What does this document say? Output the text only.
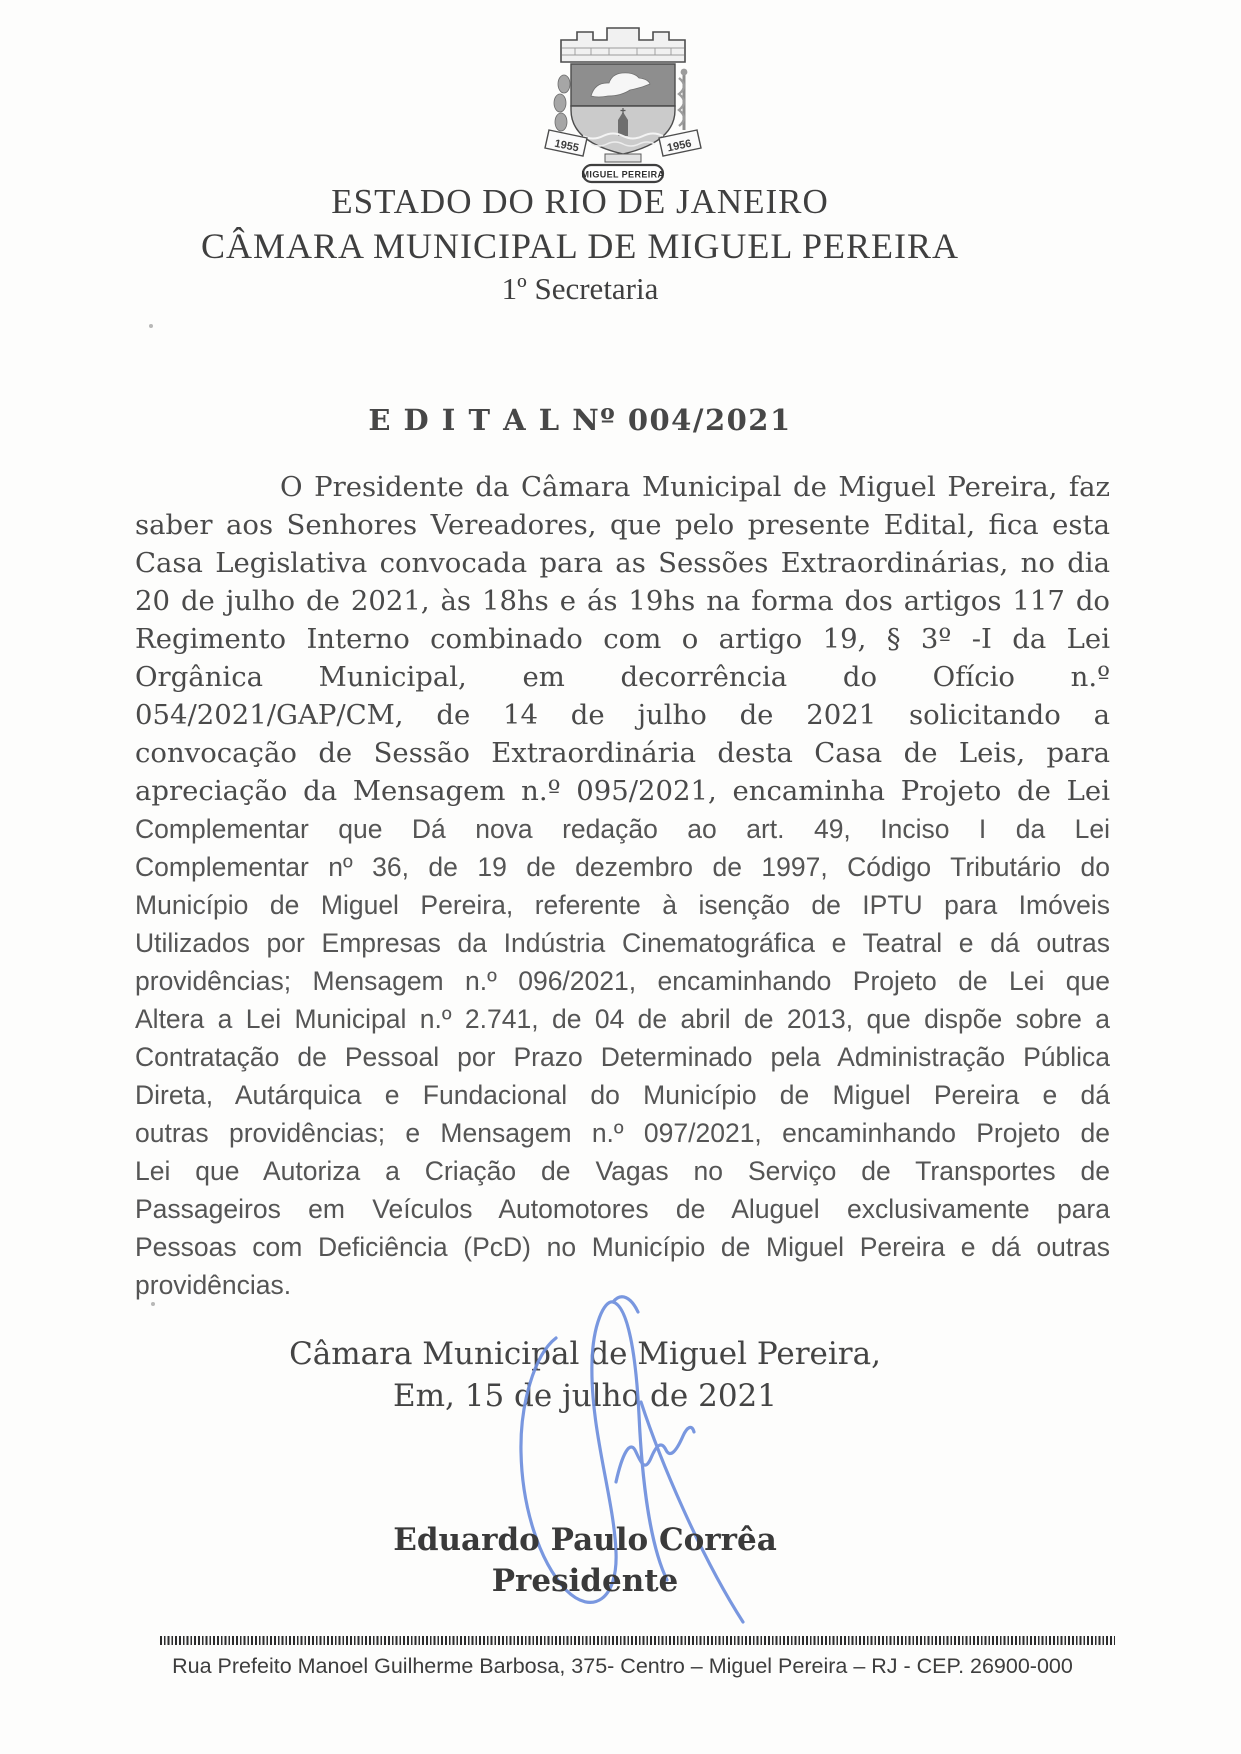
1955	1956
MIGUEL PEREIRA
ESTADO DO RIO DE JANEIRO
CÂMARA MUNICIPAL DE MIGUEL PEREIRA
1º Secretaria
E D I T A L Nº 004/2021
O Presidente da Câmara Municipal de Miguel Pereira, faz
saber aos Senhores Vereadores, que pelo presente Edital, fica esta
Casa Legislativa convocada para as Sessões Extraordinárias, no dia
20 de julho de 2021, às 18hs e ás 19hs na forma dos artigos 117 do
Regimento Interno combinado com o artigo 19, § 3º -I da Lei
Orgânica Municipal, em decorrência do Ofício n.º
054/2021/GAP/CM, de 14 de julho de 2021 solicitando a
convocação de Sessão Extraordinária desta Casa de Leis, para
apreciação da Mensagem n.º 095/2021, encaminha Projeto de Lei
Complementar que Dá nova redação ao art. 49, Inciso I da Lei
Complementar nº 36, de 19 de dezembro de 1997, Código Tributário do
Município de Miguel Pereira, referente à isenção de IPTU para Imóveis
Utilizados por Empresas da Indústria Cinematográfica e Teatral e dá outras
providências; Mensagem n.º 096/2021, encaminhando Projeto de Lei que
Altera a Lei Municipal n.º 2.741, de 04 de abril de 2013, que dispõe sobre a
Contratação de Pessoal por Prazo Determinado pela Administração Pública
Direta, Autárquica e Fundacional do Município de Miguel Pereira e dá
outras providências; e Mensagem n.º 097/2021, encaminhando Projeto de
Lei que Autoriza a Criação de Vagas no Serviço de Transportes de
Passageiros em Veículos Automotores de Aluguel exclusivamente para
Pessoas com Deficiência (PcD) no Município de Miguel Pereira e dá outras
providências.
Câmara Municipal de Miguel Pereira,
Em, 15 de julho de 2021
Eduardo Paulo Corrêa
Presidente
Rua Prefeito Manoel Guilherme Barbosa, 375- Centro – Miguel Pereira – RJ - CEP. 26900-000
